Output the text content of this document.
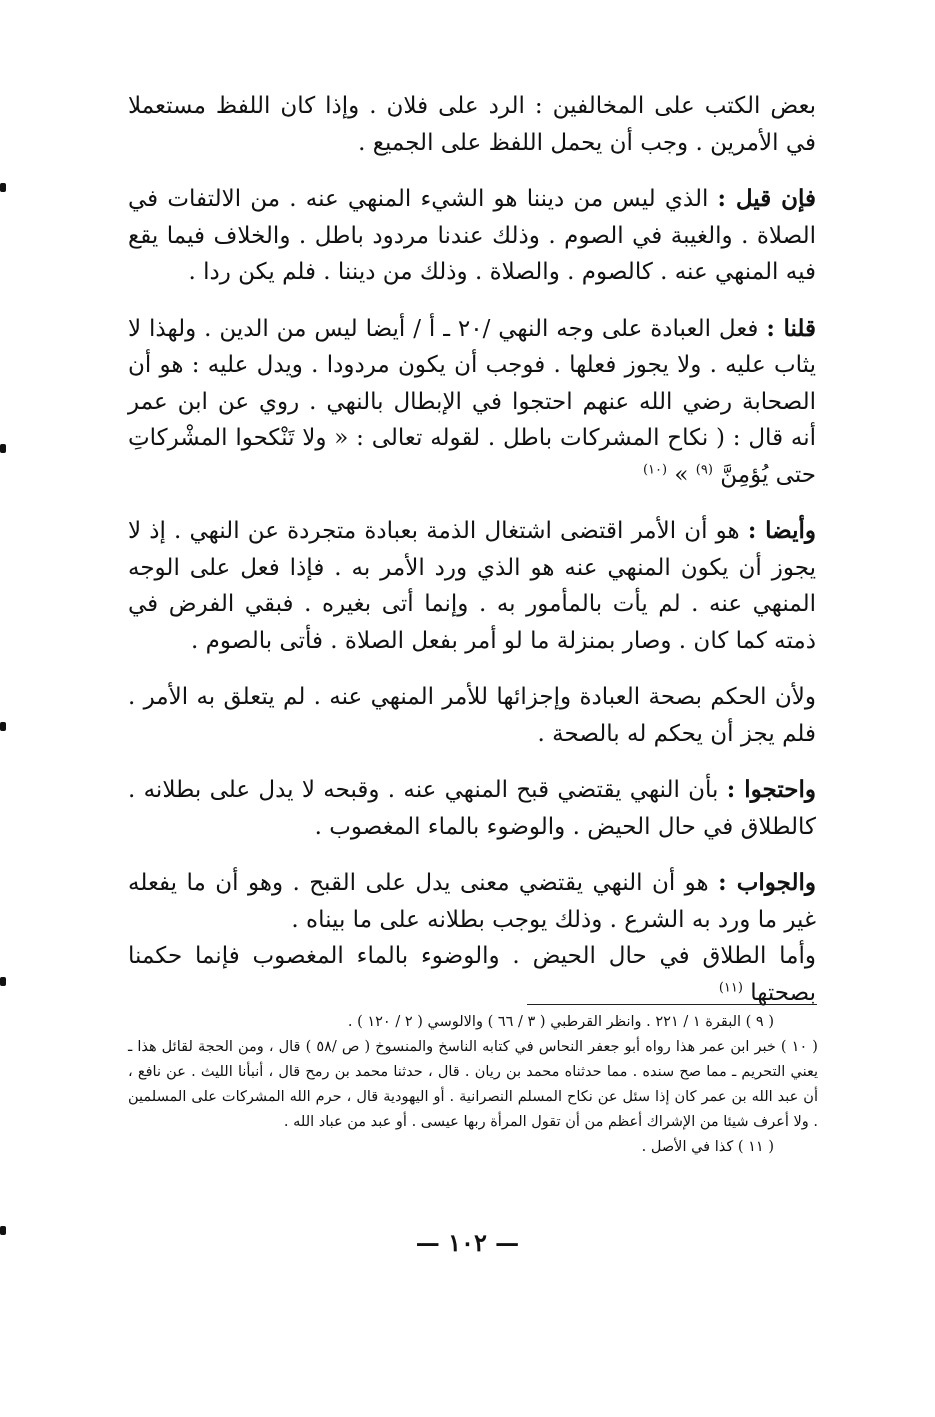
بعض الكتب على المخالفين : الرد على فلان . وإذا كان اللفظ مستعملا في الأمرين . وجب أن يحمل اللفظ على الجميع .

فإن قيل : الذي ليس من ديننا هو الشيء المنهي عنه . من الالتفات في الصلاة . والغيبة في الصوم . وذلك عندنا مردود باطل . والخلاف فيما يقع فيه المنهي عنه . كالصوم . والصلاة . وذلك من ديننا . فلم يكن ردا .

قلنا : فعل العبادة على وجه النهي /٢٠ ـ أ / أيضا ليس من الدين . ولهذا لا يثاب عليه . ولا يجوز فعلها . فوجب أن يكون مردودا . ويدل عليه : هو أن الصحابة رضي الله عنهم احتجوا في الإبطال بالنهي . روي عن ابن عمر أنه قال : ( نكاح المشركات باطل . لقوله تعالى : « ولا تَنْكحوا المشْركاتِ حتى يُؤمِنَّ $^{(٩)}$ » $^{(١٠)}$

وأيضا : هو أن الأمر اقتضى اشتغال الذمة بعبادة متجردة عن النهي . إذ لا يجوز أن يكون المنهي عنه هو الذي ورد الأمر به . فإذا فعل على الوجه المنهي عنه . لم يأت بالمأمور به . وإنما أتى بغيره . فبقي الفرض في ذمته كما كان . وصار بمنزلة ما لو أمر بفعل الصلاة . فأتى بالصوم .

ولأن الحكم بصحة العبادة وإجزائها للأمر المنهي عنه . لم يتعلق به الأمر . فلم يجز أن يحكم له بالصحة .

واحتجوا : بأن النهي يقتضي قبح المنهي عنه . وقبحه لا يدل على بطلانه . كالطلاق في حال الحيض . والوضوء بالماء المغصوب .

والجواب : هو أن النهي يقتضي معنى يدل على القبح . وهو أن ما يفعله غير ما ورد به الشرع . وذلك يوجب بطلانه على ما بيناه .

وأما الطلاق في حال الحيض . والوضوء بالماء المغصوب فإنما حكمنا بصحتها $^{(١١)}$

( ٩ ) البقرة ١ / ٢٢١ . وانظر القرطبي ( ٣ / ٦٦ ) والالوسي ( ٢ / ١٢٠ ) .
( ١٠ ) خبر ابن عمر هذا رواه أبو جعفر النحاس في كتابه الناسخ والمنسوخ ( ص /٥٨ ) قال ، ومن الحجة لقائل هذا ـ يعني التحريم ـ مما صح سنده . مما حدثناه محمد بن ريان . قال ، حدثنا محمد بن رمح قال ، أنبأنا الليث . عن نافع ، أن عبد الله بن عمر كان إذا سئل عن نكاح المسلم النصرانية . أو اليهودية قال ، حرم الله المشركات على المسلمين . ولا أعرف شيئا من الإشراك أعظم من أن تقول المرأة ربها عيسى . أو عبد من عباد الله .
( ١١ ) كذا في الأصل .
— ١٠٢ —
